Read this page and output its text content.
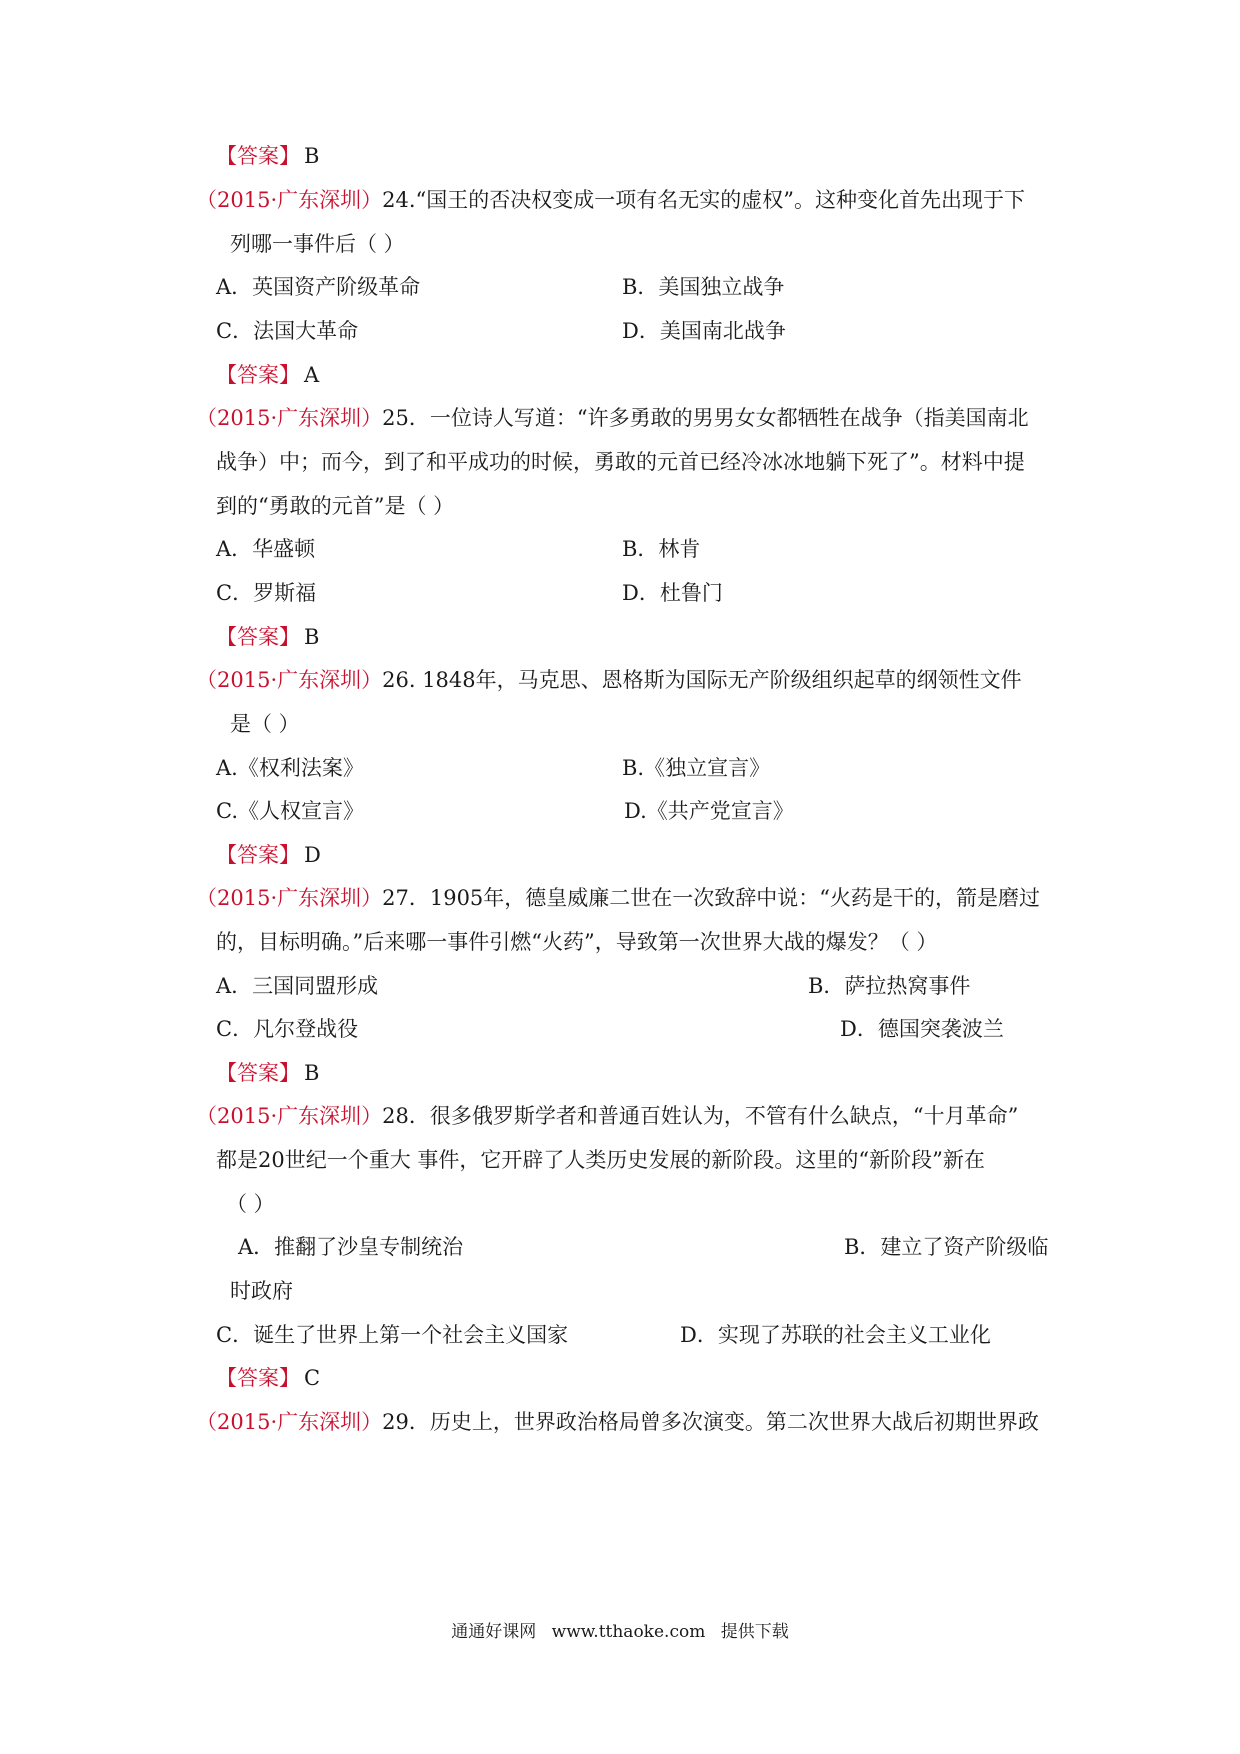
【答案】 B
（2015·广东深圳）24.“国王的否决权变成一项有名无实的虚权”。这种变化首先出现于下
列哪一事件后（ ）
A．英国资产阶级革命	B．美国独立战争
C．法国大革命	D．美国南北战争
【答案】 A
（2015·广东深圳）25．一位诗人写道：“许多勇敢的男男女女都牺牲在战争（指美国南北
战争）中；而今，到了和平成功的时候，勇敢的元首已经冷冰冰地躺下死了”。材料中提
到的“勇敢的元首”是（ ）
A．华盛顿	B．林肯
C．罗斯福	D．杜鲁门
【答案】 B
（2015·广东深圳）26. 1848年，马克思、恩格斯为国际无产阶级组织起草的纲领性文件
是（ ）
A.《权利法案》	B.《独立宣言》
C.《人权宣言》	D.《共产党宣言》
【答案】 D
（2015·广东深圳）27．1905年，德皇威廉二世在一次致辞中说：“火药是干的，箭是磨过
的，目标明确。”后来哪一事件引燃“火药”，导致第一次世界大战的爆发？（ ）
A．三国同盟形成	B．萨拉热窝事件
C．凡尔登战役	D．德国突袭波兰
【答案】 B
（2015·广东深圳）28．很多俄罗斯学者和普通百姓认为，不管有什么缺点，“十月革命”
都是20世纪一个重大 事件，它开辟了人类历史发展的新阶段。这里的“新阶段”新在
（ ）
A．推翻了沙皇专制统治	B．建立了资产阶级临
时政府
C．诞生了世界上第一个社会主义国家	D．实现了苏联的社会主义工业化
【答案】 C
（2015·广东深圳）29．历史上，世界政治格局曾多次演变。第二次世界大战后初期世界政
通通好课网 www.tthaoke.com 提供下载
